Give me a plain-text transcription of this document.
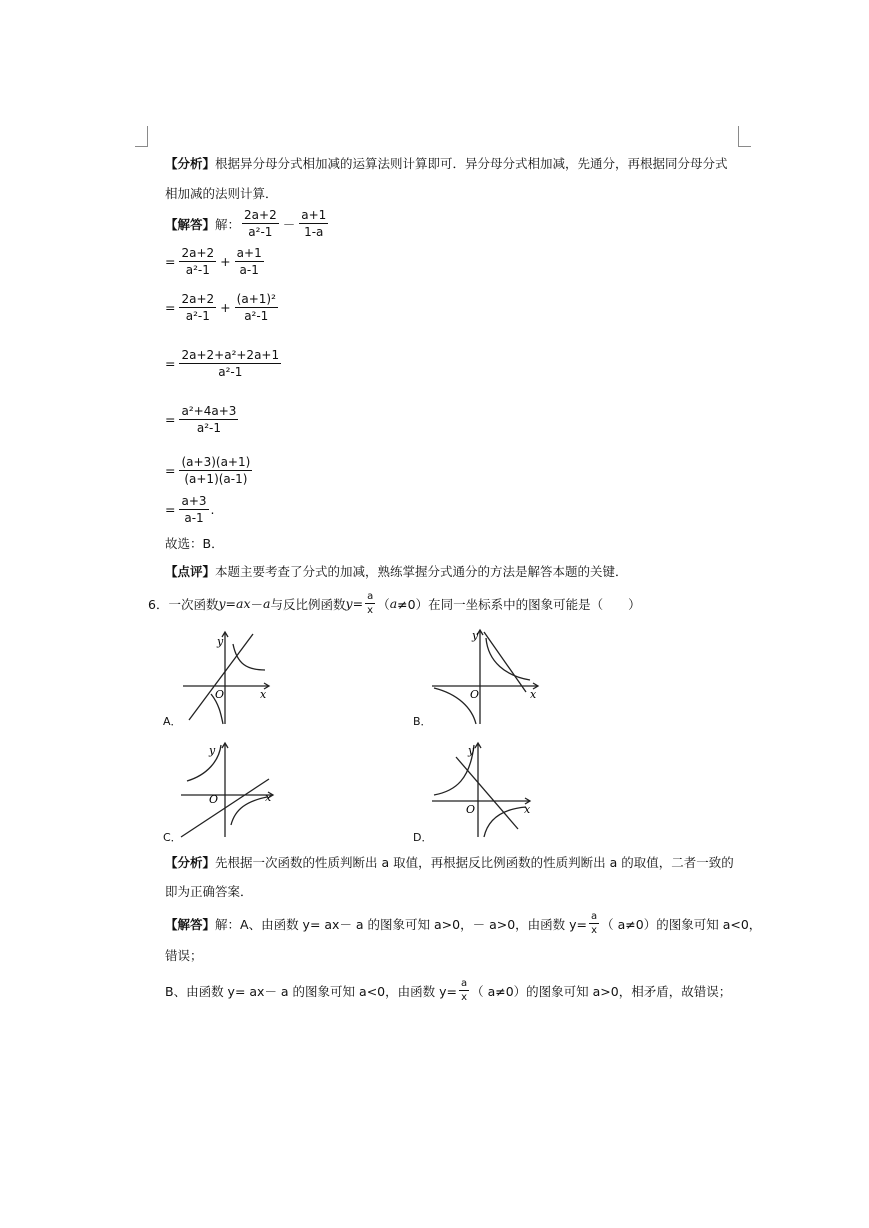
【分析】根据异分母分式相加减的运算法则计算即可．异分母分式相加减，先通分，再根据同分母分式
相加减的法则计算．
【解答】 解： $\frac{2a+2}{\text{a²-1}} - \frac{a+1}{1-a}$
= $\frac{2a+2}{\text{a²-1}} + \frac{a+1}{a-1}$
= $\frac{2a+2}{\text{a²-1}} + \frac{\text{(a+1)²}}{\text{a²-1}}$
= $\frac{\text{2a+2+a²+2a+1}}{\text{a²-1}}$
= $\frac{\text{a²+4a+3}}{\text{a²-1}}$
= $\frac{(a+3)(a+1)}{(a+1)(a-1)}$
= $\frac{a+3}{a-1}$ .
故选：B．
【点评】本题主要考查了分式的加减，熟练掌握分式通分的方法是解答本题的关键．
6． 一次函数 y = ax － a 与反比例函数 $y = \frac{a}{x}$ （ a ≠0）在同一坐标系中的图象可能是（　　）
y
x
O
A．
y
x
O
B．
y
x
O
C．
y
x
O
D．
【分析】先根据一次函数的性质判断出 a 取值，再根据反比例函数的性质判断出 a 的取值，二者一致的
即为正确答案．
【解答】 解：A、由函数 y= ax－ a 的图象可知 a>0，－ a>0，由函数 $y= \frac{a}{x}$ （ a≠0）的图象可知 a<0，
错误；
B、由函数 y= ax－ a 的图象可知 a<0，由函数 $y= \frac{a}{x}$ （ a≠0）的图象可知 a>0，相矛盾，故错误；
